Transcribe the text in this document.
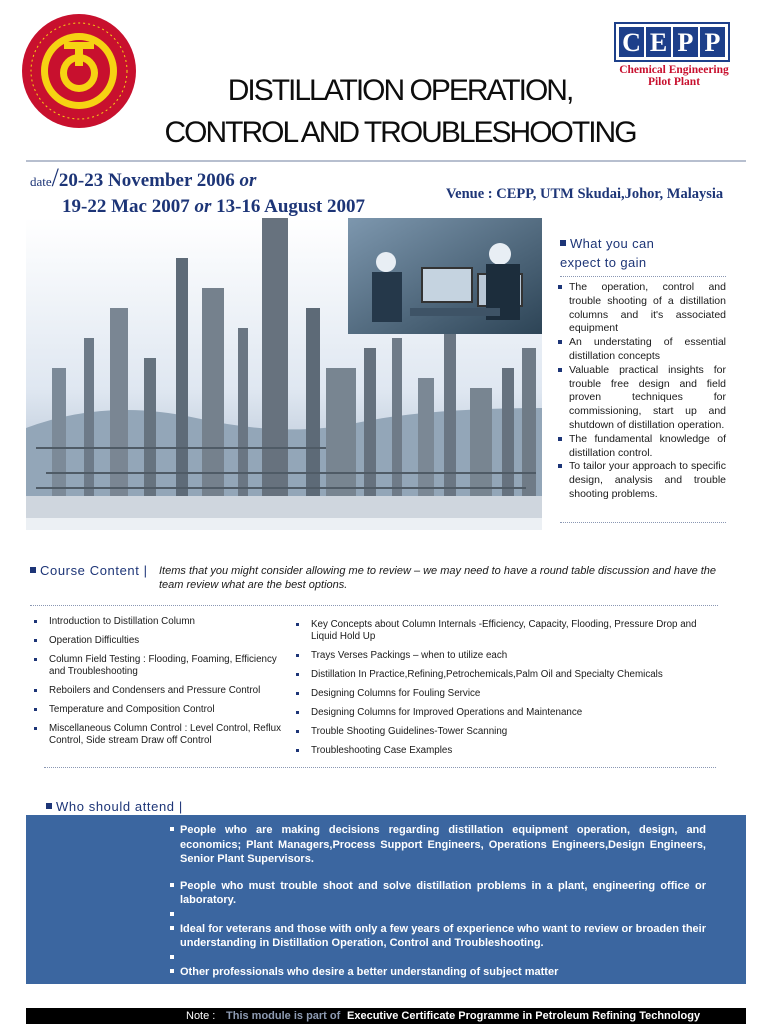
C E P P
Chemical Engineering
Pilot Plant
DISTILLATION OPERATION,
CONTROL AND TROUBLESHOOTING
date/20-23 November 2006 or
19-22 Mac 2007 or 13-16 August 2007
Venue : CEPP, UTM Skudai,Johor, Malaysia
What you can
expect to gain
The operation, control and trouble shooting of a distillation columns and it's associated equipment
An understating of essential distillation concepts
Valuable practical insights for trouble free design and field proven techniques for commissioning, start up and shutdown of distillation operation.
The fundamental knowledge of distillation control.
To tailor your approach to specific design, analysis and trouble shooting problems.
Course Content | Items that you might consider allowing me to review – we may need to have a round table discussion and have the team review what are the best options.
Introduction to Distillation Column
Operation Difficulties
Column Field Testing : Flooding, Foaming, Efficiency and Troubleshooting
Reboilers and Condensers and Pressure Control
Temperature and Composition Control
Miscellaneous Column Control : Level Control, Reflux Control, Side stream Draw off Control
Key Concepts about Column Internals -Efficiency, Capacity, Flooding, Pressure Drop and Liquid Hold Up
Trays Verses Packings – when to utilize each
Distillation In Practice,Refining,Petrochemicals,Palm Oil and Specialty Chemicals
Designing Columns for Fouling Service
Designing Columns for Improved Operations and Maintenance
Trouble Shooting Guidelines-Tower Scanning
Troubleshooting Case Examples
Who should attend |
People who are making decisions regarding distillation equipment operation, design, and economics; Plant Managers,Process Support Engineers, Operations Engineers,Design Engineers, Senior Plant Supervisors.
People who must trouble shoot and solve distillation problems in a plant, engineering office or laboratory.
Ideal for veterans and those with only a few years of experience who want to review or broaden their understanding in Distillation Operation, Control and Troubleshooting.
Other professionals who desire a better understanding of subject matter
Note : This module is part of Executive Certificate Programme in Petroleum Refining Technology
